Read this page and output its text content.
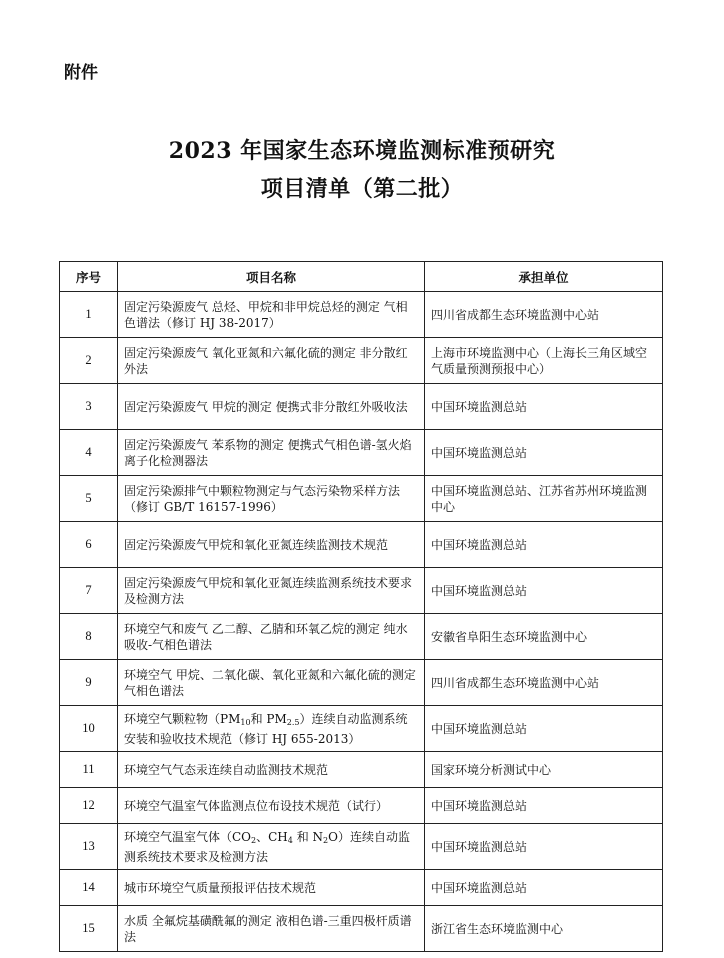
附件
2023 年国家生态环境监测标准预研究
项目清单（第二批）
序号	项目名称	承担单位
1	固定污染源废气 总烃、甲烷和非甲烷总烃的测定 气相色谱法（修订 HJ 38-2017）	四川省成都生态环境监测中心站
2	固定污染源废气 氧化亚氮和六氟化硫的测定 非分散红外法	上海市环境监测中心（上海长三角区域空气质量预测预报中心）
3	固定污染源废气 甲烷的测定 便携式非分散红外吸收法	中国环境监测总站
4	固定污染源废气 苯系物的测定 便携式气相色谱-氢火焰离子化检测器法	中国环境监测总站
5	固定污染源排气中颗粒物测定与气态污染物采样方法（修订 GB/T 16157-1996）	中国环境监测总站、江苏省苏州环境监测中心
6	固定污染源废气甲烷和氧化亚氮连续监测技术规范	中国环境监测总站
7	固定污染源废气甲烷和氧化亚氮连续监测系统技术要求及检测方法	中国环境监测总站
8	环境空气和废气 乙二醇、乙腈和环氧乙烷的测定 纯水吸收-气相色谱法	安徽省阜阳生态环境监测中心
9	环境空气 甲烷、二氧化碳、氧化亚氮和六氟化硫的测定 气相色谱法	四川省成都生态环境监测中心站
10	环境空气颗粒物（$PM_{10}$和 $PM_{2.5}$）连续自动监测系统安装和验收技术规范（修订 HJ 655-2013）	中国环境监测总站
11	环境空气气态汞连续自动监测技术规范	国家环境分析测试中心
12	环境空气温室气体监测点位布设技术规范（试行）	中国环境监测总站
13	环境空气温室气体（$CO_2$、$CH_4$ 和 $N_2O$）连续自动监测系统技术要求及检测方法	中国环境监测总站
14	城市环境空气质量预报评估技术规范	中国环境监测总站
15	水质 全氟烷基磺酰氟的测定 液相色谱-三重四极杆质谱法	浙江省生态环境监测中心
